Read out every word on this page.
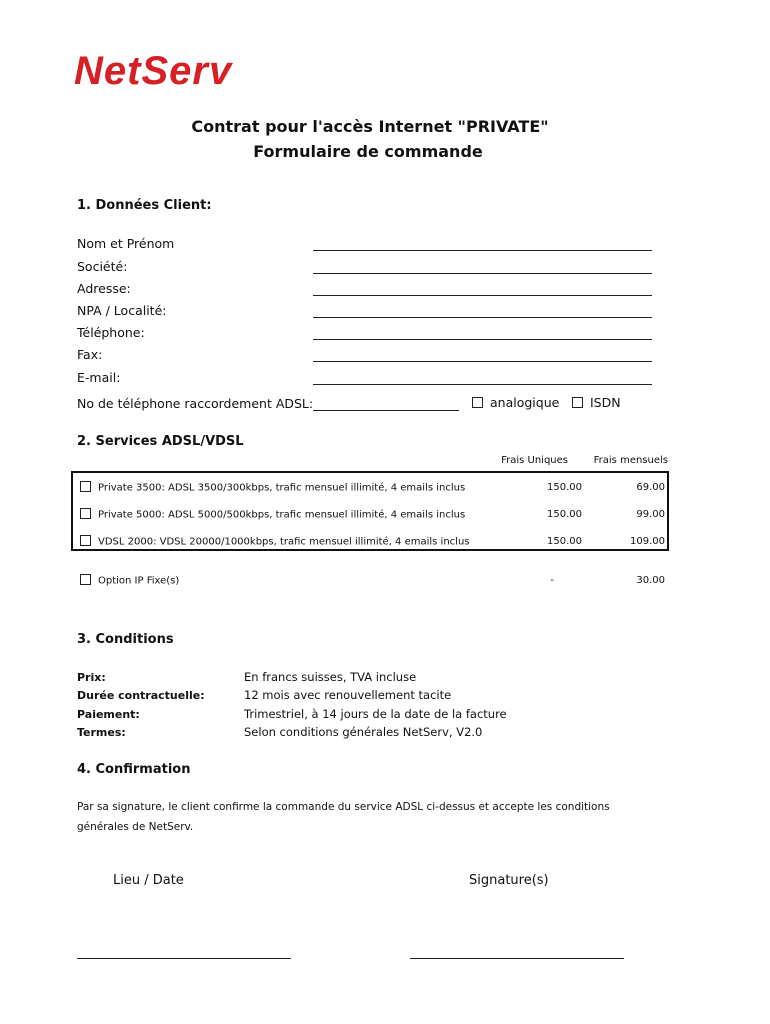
NetServ
Contrat pour l'accès Internet "PRIVATE"
Formulaire de commande
1. Données Client:
Nom et Prénom
Société:
Adresse:
NPA / Localité:
Téléphone:
Fax:
E-mail:
No de téléphone raccordement ADSL:	analogique	ISDN
2. Services ADSL/VDSL
Frais Uniques	Frais mensuels
Private 3500: ADSL 3500/300kbps, trafic mensuel illimité, 4 emails inclus	150.00	69.00
Private 5000: ADSL 5000/500kbps, trafic mensuel illimité, 4 emails inclus	150.00	99.00
VDSL 2000: VDSL 20000/1000kbps, trafic mensuel illimité, 4 emails inclus	150.00	109.00
Option IP Fixe(s)	-	30.00
3. Conditions
Prix:	En francs suisses, TVA incluse
Durée contractuelle:	12 mois avec renouvellement tacite
Paiement:	Trimestriel, à 14 jours de la date de la facture
Termes:	Selon conditions générales NetServ, V2.0
4. Confirmation
Par sa signature, le client confirme la commande du service ADSL ci-dessus et accepte les conditions générales de NetServ.
Lieu / Date	Signature(s)
